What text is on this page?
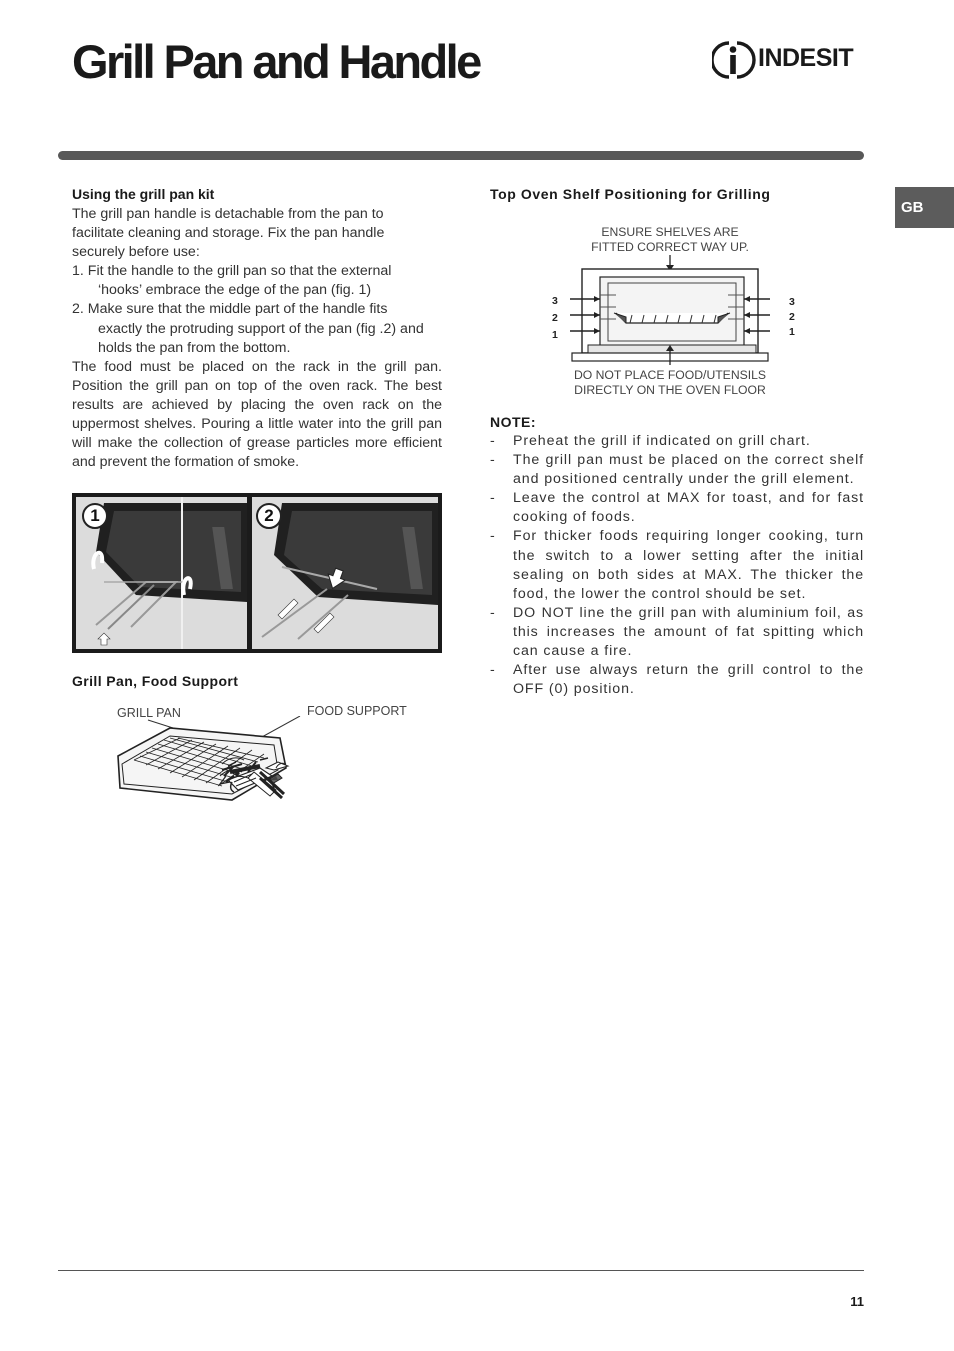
Grill Pan and Handle	INDESIT
GB
Using the grill pan kit

The grill pan handle is detachable from the pan to

facilitate cleaning and storage. Fix the pan handle

securely before use:

1. Fit the handle to the grill pan so that the external ‘hooks’ embrace the edge of the pan (fig. 1)

2. Make sure that the middle part of the handle fits exactly the protruding support of the pan (fig .2) and holds the pan from the bottom.

The food must be placed on the rack in the grill pan. Position the grill pan on top of the oven rack. The best results are achieved by placing the oven rack on the uppermost shelves. Pouring a little water into the grill pan will make the collection of grease particles more efficient and prevent the formation of smoke.

1	2
Grill Pan, Food Support
GRILL PAN	FOOD SUPPORT
Top Oven Shelf Positioning for Grilling
ENSURE SHELVES ARE
FITTED CORRECT WAY UP.
3
2
1
3
2
1
DO NOT PLACE FOOD/UTENSILS
DIRECTLY ON THE OVEN FLOOR
NOTE:
-	Preheat the grill if indicated on grill chart.
-	The grill pan must be placed on the correct shelf and positioned centrally under the grill element.
-	Leave the control at MAX for toast, and for fast cooking of foods.
-	For thicker foods requiring longer cooking, turn the switch to a lower setting after the initial sealing on both sides at MAX. The thicker the food, the lower the control should be set.
-	DO NOT line the grill pan with aluminium foil, as this increases the amount of fat spitting which can cause a fire.
-	After use always return the grill control to the OFF (0) position.
11
